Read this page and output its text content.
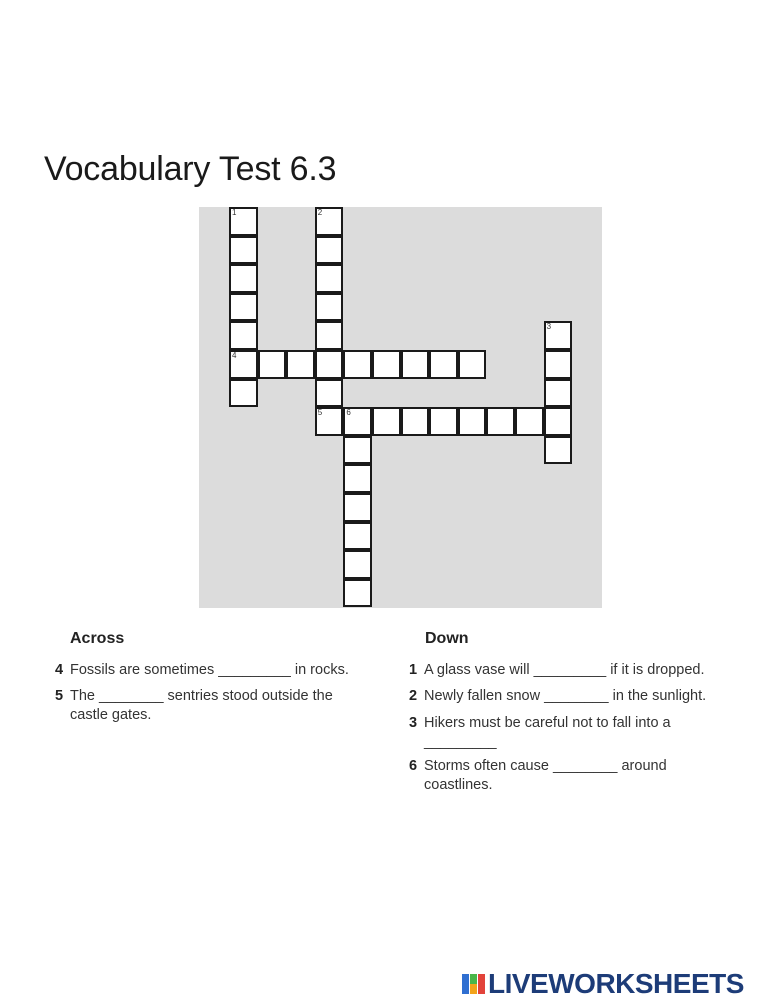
Vocabulary Test 6.3
1
4
2
5
3
6
Across
4 Fossils are sometimes _________ in rocks.
5 The ________ sentries stood outside the castle gates.
Down
1 A glass vase will _________ if it is dropped.
2 Newly fallen snow ________ in the sunlight.
3 Hikers must be careful not to fall into a _________
6 Storms often cause ________ around coastlines.
LIVEWORKSHEETS
